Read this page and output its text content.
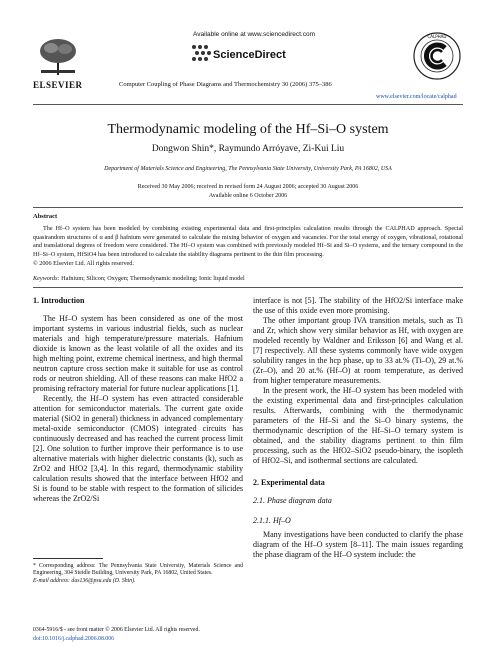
ELSEVIER
Available online at www.sciencedirect.com
ScienceDirect
Computer Coupling of Phase Diagrams and Thermochemistry 30 (2006) 375–386
CALPHAD
www.elsevier.com/locate/calphad
Thermodynamic modeling of the Hf–Si–O system
Dongwon Shin*, Raymundo Arróyave, Zi-Kui Liu
Department of Materials Science and Engineering, The Pennsylvania State University, University Park, PA 16802, USA
Received 30 May 2006; received in revised form 24 August 2006; accepted 30 August 2006
Available online 6 October 2006
Abstract
The Hf–O system has been modeled by combining existing experimental data and first-principles calculation results through the CALPHAD approach. Special quasirandom structures of α and β hafnium were generated to calculate the mixing behavior of oxygen and vacancies. For the total energy of oxygen, vibrational, rotational and translational degrees of freedom were considered. The Hf–O system was combined with previously modeled Hf–Si and Si–O systems, and the ternary compound in the Hf–Si–O system, HfSiO4 has been introduced to calculate the stability diagrams pertinent to the thin film processing.
© 2006 Elsevier Ltd. All rights reserved.
Keywords: Hafnium; Silicon; Oxygen; Thermodynamic modeling; Ionic liquid model
1. Introduction

The Hf–O system has been considered as one of the most important systems in various industrial fields, such as nuclear materials and high temperature/pressure materials. Hafnium dioxide is known as the least volatile of all the oxides and its high melting point, extreme chemical inertness, and high thermal neutron capture cross section make it suitable for use as control rods or neutron shielding. All of these reasons can make HfO2 a promising refractory material for future nuclear applications [1].

Recently, the Hf–O system has even attracted considerable attention for semiconductor materials. The current gate oxide material (SiO2 in general) thickness in advanced complementary metal-oxide semiconductor (CMOS) integrated circuits has continuously decreased and has reached the current process limit [2]. One solution to further improve their performance is to use alternative materials with higher dielectric constants (k), such as ZrO2 and HfO2 [3,4]. In this regard, thermodynamic stability calculation results showed that the interface between HfO2 and Si is found to be stable with respect to the formation of silicides whereas the ZrO2/Si

* Corresponding address: The Pennsylvania State University, Materials Science and Engineering, 304 Steidle Building, University Park, PA 16802, United States.
E-mail address: dus136@psu.edu (D. Shin).
0364-5916/$ - see front matter © 2006 Elsevier Ltd. All rights reserved.
doi:10.1016/j.calphad.2006.08.006

interface is not [5]. The stability of the HfO2/Si interface make the use of this oxide even more promising.

The other important group IVA transition metals, such as Ti and Zr, which show very similar behavior as Hf, with oxygen are modeled recently by Waldner and Eriksson [6] and Wang et al. [7] respectively. All these systems commonly have wide oxygen solubility ranges in the hcp phase, up to 33 at.% (Ti–O), 29 at.% (Zr–O), and 20 at.% (Hf–O) at room temperature, as derived from higher temperature measurements.

In the present work, the Hf–O system has been modeled with the existing experimental data and first-principles calculation results. Afterwards, combining with the thermodynamic parameters of the Hf–Si and the Si–O binary systems, the thermodynamic description of the Hf–Si–O ternary system is obtained, and the stability diagrams pertinent to thin film processing, such as the HfO2–SiO2 pseudo-binary, the isopleth of HfO2–Si, and isothermal sections are calculated.

2. Experimental data
2.1. Phase diagram data
2.1.1. Hf–O

Many investigations have been conducted to clarify the phase diagram of the Hf–O system [8–11]. The main issues regarding the phase diagram of the Hf–O system include: the
